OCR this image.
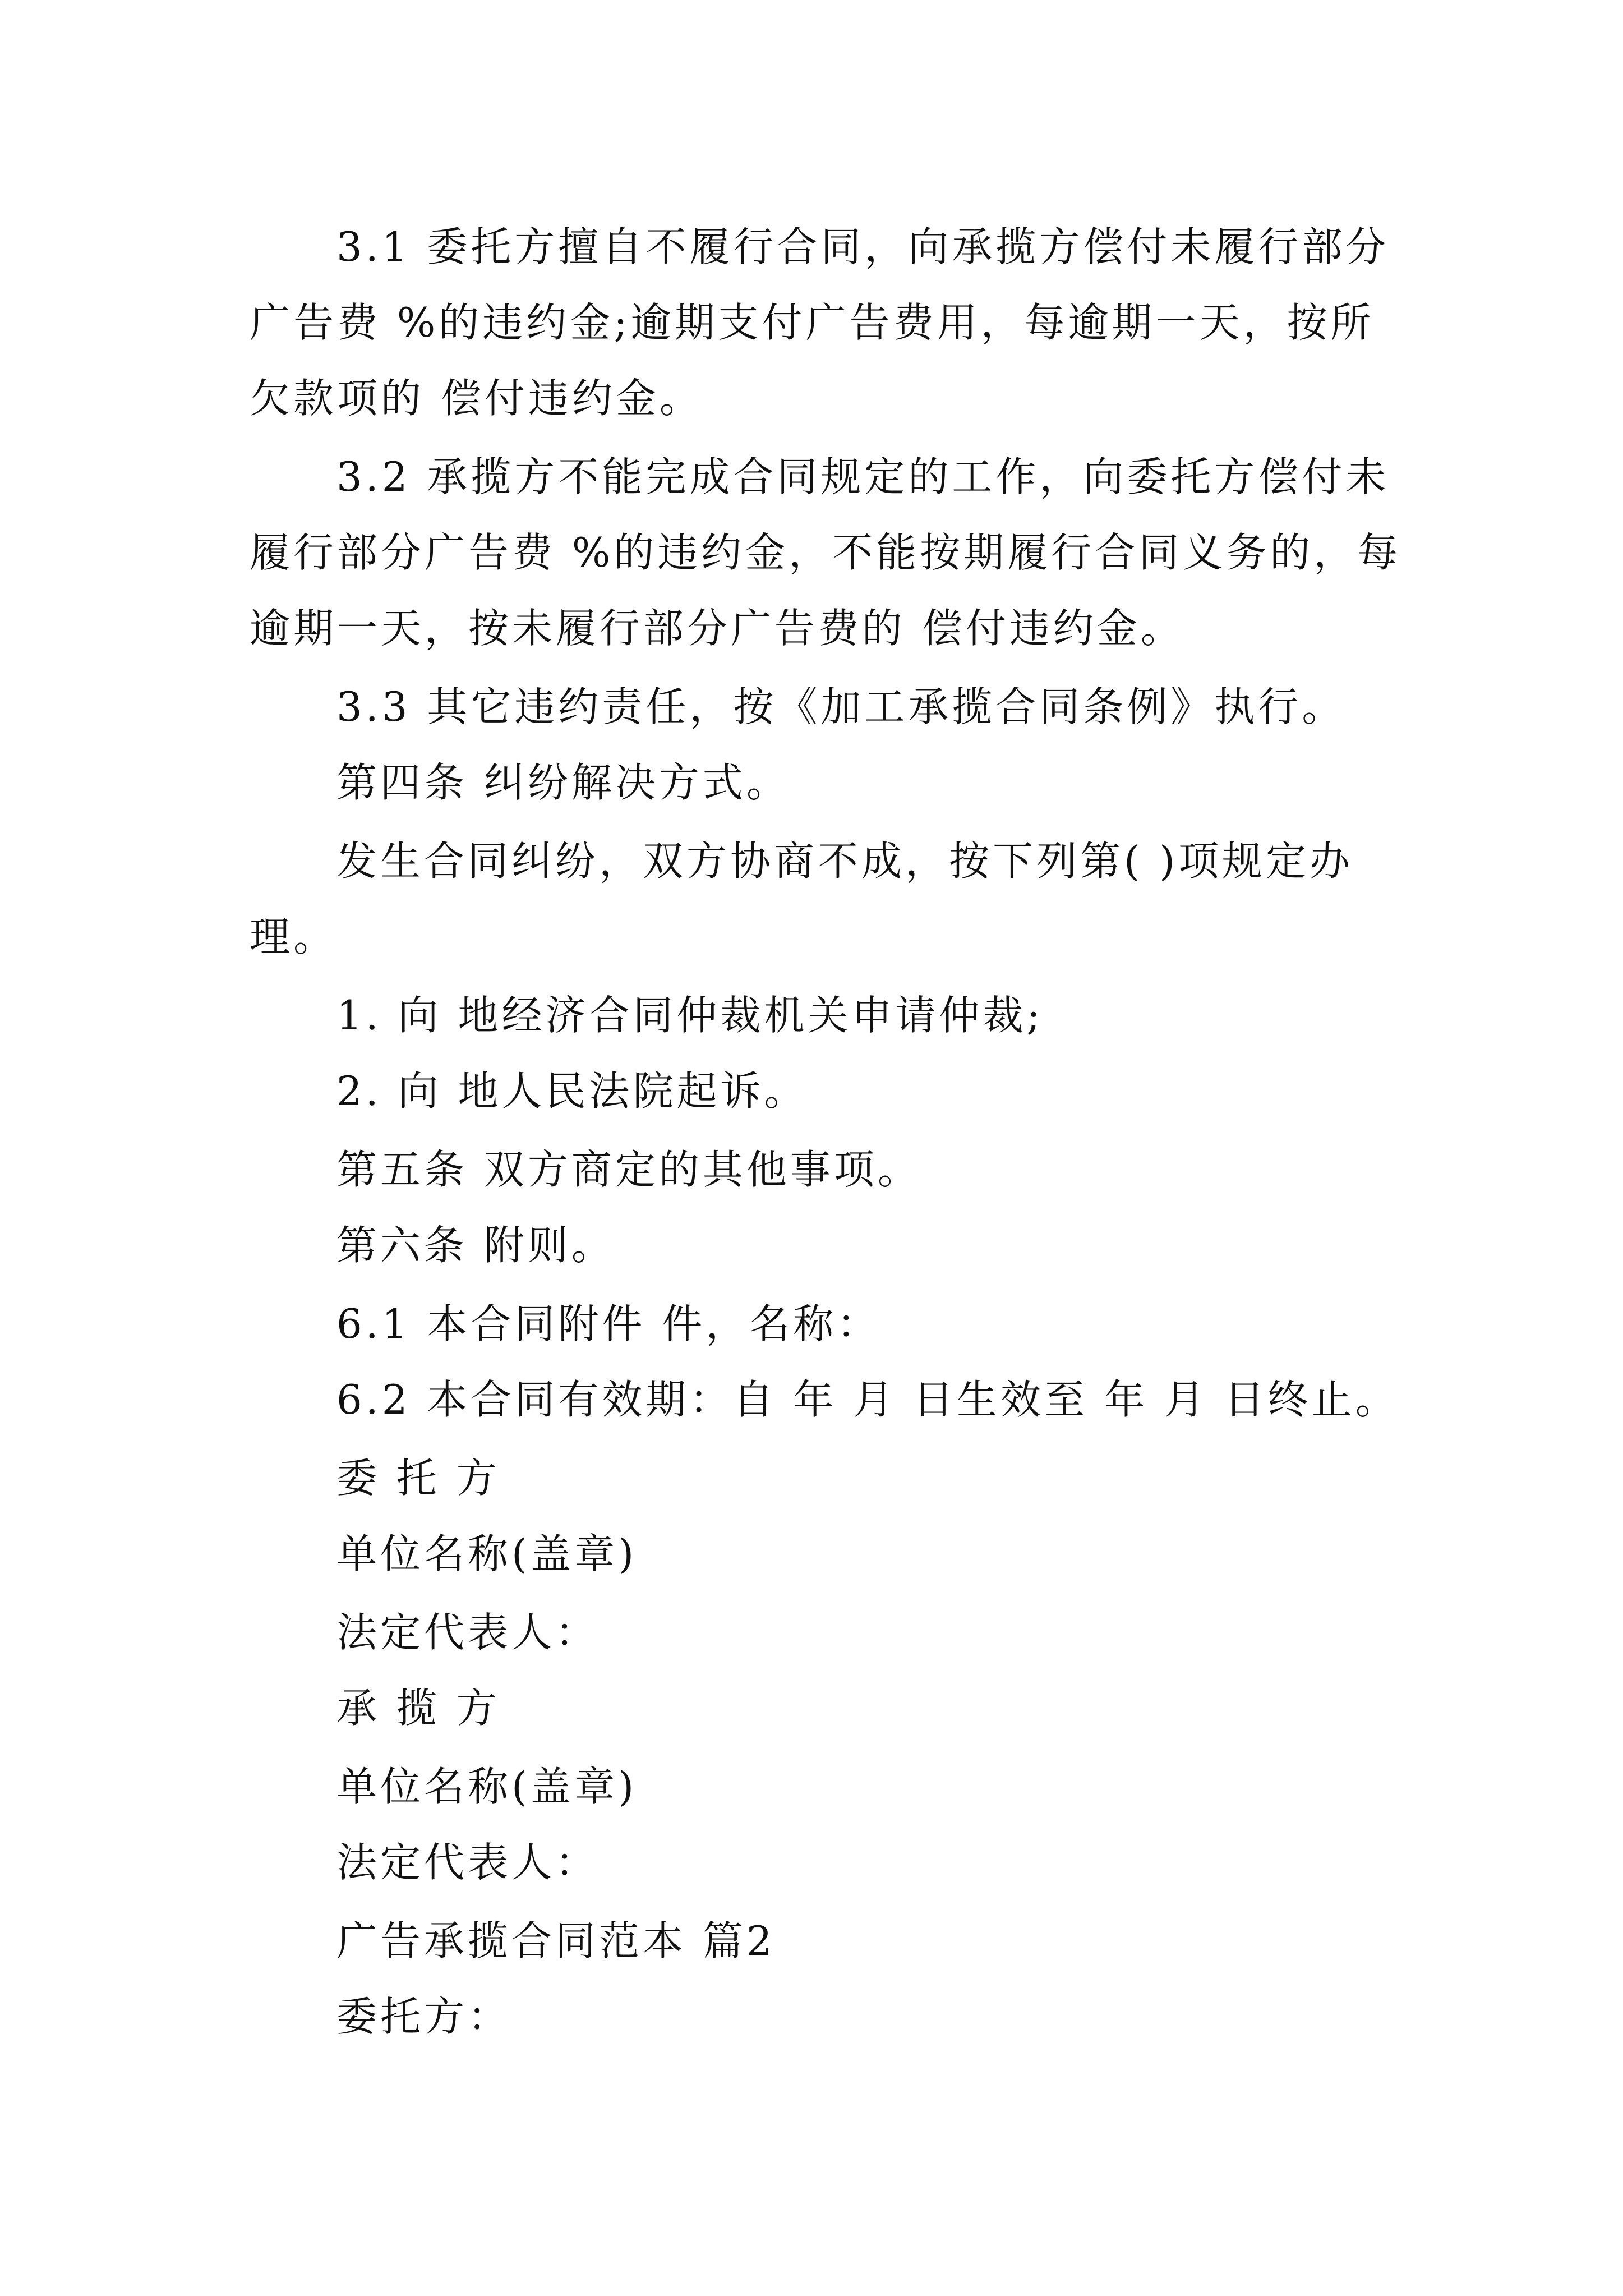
3.1 委托方擅自不履行合同，向承揽方偿付未履行部分
广告费 %的违约金;逾期支付广告费用，每逾期一天，按所
欠款项的 偿付违约金。
3.2 承揽方不能完成合同规定的工作，向委托方偿付未
履行部分广告费 %的违约金，不能按期履行合同义务的，每
逾期一天，按未履行部分广告费的 偿付违约金。
3.3 其它违约责任，按《加工承揽合同条例》执行。
第四条 纠纷解决方式。
发生合同纠纷，双方协商不成，按下列第( )项规定办
理。
1. 向 地经济合同仲裁机关申请仲裁;
2. 向 地人民法院起诉。
第五条 双方商定的其他事项。
第六条 附则。
6.1 本合同附件 件，名称：
6.2 本合同有效期：自 年 月 日生效至 年 月 日终止。
委 托 方
单位名称(盖章)
法定代表人：
承 揽 方
单位名称(盖章)
法定代表人：
广告承揽合同范本 篇2
委托方：
